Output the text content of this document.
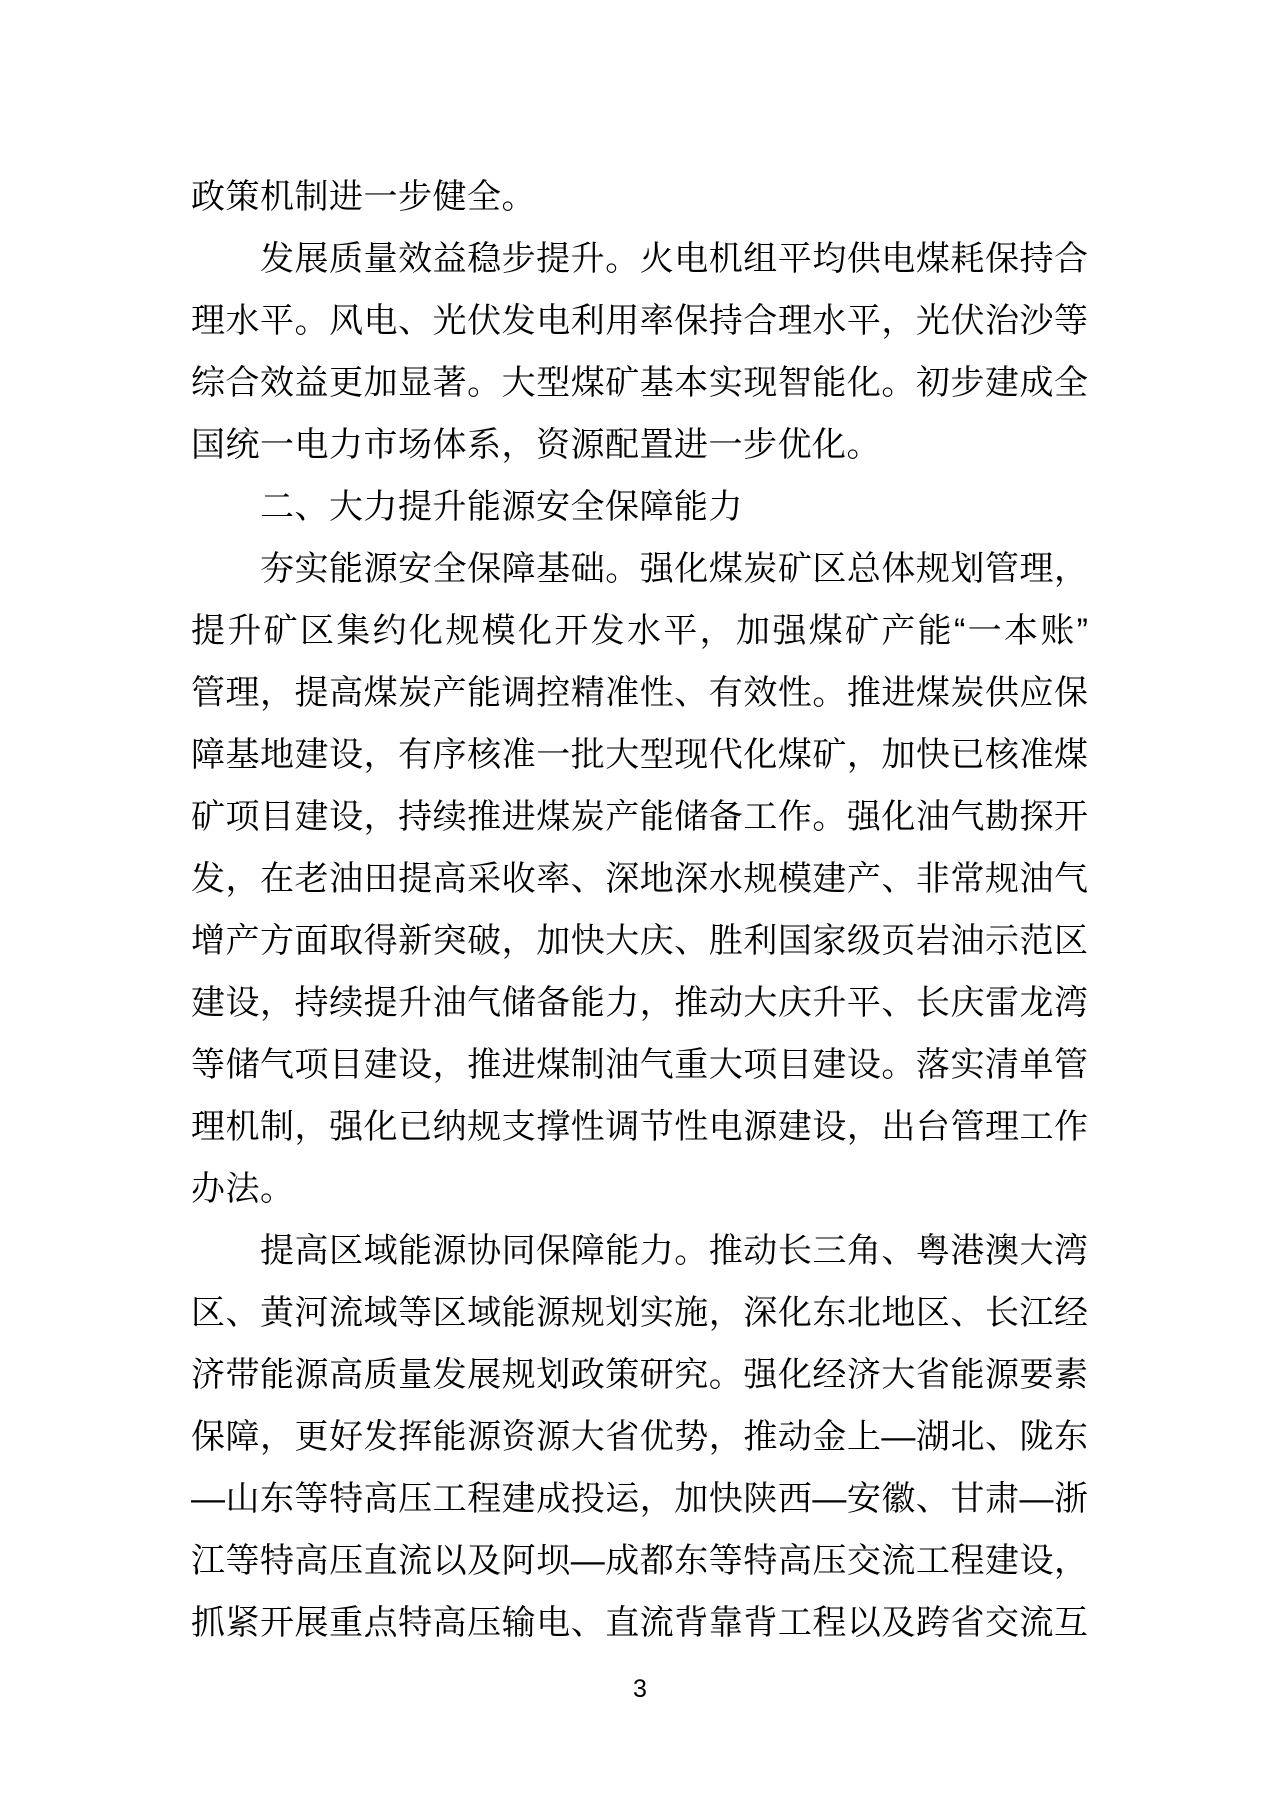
政策机制进一步健全。
发展质量效益稳步提升。火电机组平均供电煤耗保持合
理水平。风电、光伏发电利用率保持合理水平，光伏治沙等
综合效益更加显著。大型煤矿基本实现智能化。初步建成全
国统一电力市场体系，资源配置进一步优化。
二、大力提升能源安全保障能力
夯实能源安全保障基础。强化煤炭矿区总体规划管理，
提升矿区集约化规模化开发水平，加强煤矿产能“一本账”
管理，提高煤炭产能调控精准性、有效性。推进煤炭供应保
障基地建设，有序核准一批大型现代化煤矿，加快已核准煤
矿项目建设，持续推进煤炭产能储备工作。强化油气勘探开
发，在老油田提高采收率、深地深水规模建产、非常规油气
增产方面取得新突破，加快大庆、胜利国家级页岩油示范区
建设，持续提升油气储备能力，推动大庆升平、长庆雷龙湾
等储气项目建设，推进煤制油气重大项目建设。落实清单管
理机制，强化已纳规支撑性调节性电源建设，出台管理工作
办法。
提高区域能源协同保障能力。推动长三角、粤港澳大湾
区、黄河流域等区域能源规划实施，深化东北地区、长江经
济带能源高质量发展规划政策研究。强化经济大省能源要素
保障，更好发挥能源资源大省优势，推动金上—湖北、陇东
—山东等特高压工程建成投运，加快陕西—安徽、甘肃—浙
江等特高压直流以及阿坝—成都东等特高压交流工程建设，
抓紧开展重点特高压输电、直流背靠背工程以及跨省交流互
3
